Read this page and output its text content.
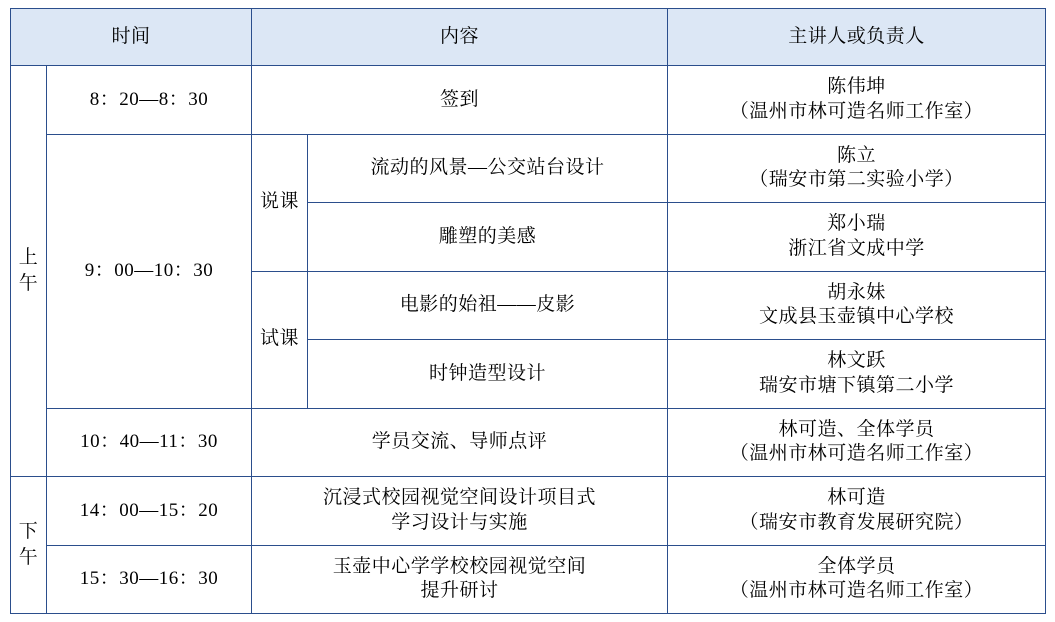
时间		内容		主讲人或负责人

上午	8：20—8：30	签到		陈伟坤
（温州市林可造名师工作室）

	9：00—10：30	说课	流动的风景—公交站台设计	陈立
（瑞安市第二实验小学）

			雕塑的美感	郑小瑞
浙江省文成中学

		试课	电影的始祖——皮影	胡永妹
文成县玉壶镇中心学校

			时钟造型设计	林文跃
瑞安市塘下镇第二小学

	10：40—11：30	学员交流、导师点评		林可造、全体学员
（温州市林可造名师工作室）

下午	14：00—15：20	沉浸式校园视觉空间设计项目式
学习设计与实施		林可造
（瑞安市教育发展研究院）

	15：30—16：30	玉壶中心学学校校园视觉空间
提升研讨		全体学员
（温州市林可造名师工作室）
